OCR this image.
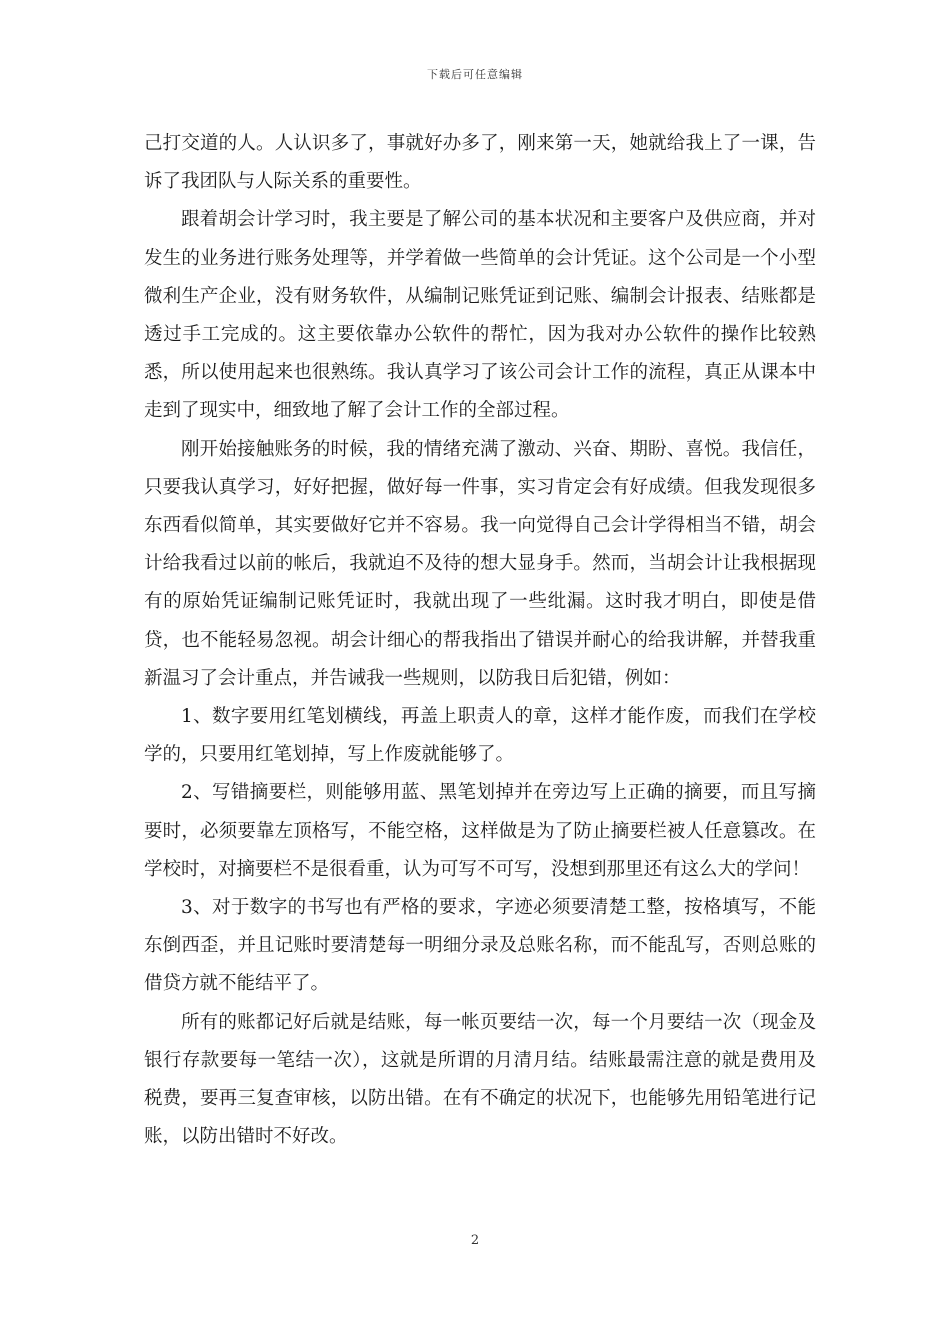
下载后可任意编辑

己打交道的人。人认识多了，事就好办多了，刚来第一天，她就给我上了一课，告诉了我团队与人际关系的重要性。

跟着胡会计学习时，我主要是了解公司的基本状况和主要客户及供应商，并对发生的业务进行账务处理等，并学着做一些简单的会计凭证。这个公司是一个小型微利生产企业，没有财务软件，从编制记账凭证到记账、编制会计报表、结账都是透过手工完成的。这主要依靠办公软件的帮忙，因为我对办公软件的操作比较熟悉，所以使用起来也很熟练。我认真学习了该公司会计工作的流程，真正从课本中走到了现实中，细致地了解了会计工作的全部过程。

刚开始接触账务的时候，我的情绪充满了激动、兴奋、期盼、喜悦。我信任，只要我认真学习，好好把握，做好每一件事，实习肯定会有好成绩。但我发现很多东西看似简单，其实要做好它并不容易。我一向觉得自己会计学得相当不错，胡会计给我看过以前的帐后，我就迫不及待的想大显身手。然而，当胡会计让我根据现有的原始凭证编制记账凭证时，我就出现了一些纰漏。这时我才明白，即使是借贷，也不能轻易忽视。胡会计细心的帮我指出了错误并耐心的给我讲解，并替我重新温习了会计重点，并告诫我一些规则，以防我日后犯错，例如：

1、数字要用红笔划横线，再盖上职责人的章，这样才能作废，而我们在学校学的，只要用红笔划掉，写上作废就能够了。

2、写错摘要栏，则能够用蓝、黑笔划掉并在旁边写上正确的摘要，而且写摘要时，必须要靠左顶格写，不能空格，这样做是为了防止摘要栏被人任意篡改。在学校时，对摘要栏不是很看重，认为可写不可写，没想到那里还有这么大的学问！

3、对于数字的书写也有严格的要求，字迹必须要清楚工整，按格填写，不能东倒西歪，并且记账时要清楚每一明细分录及总账名称，而不能乱写，否则总账的借贷方就不能结平了。

所有的账都记好后就是结账，每一帐页要结一次，每一个月要结一次（现金及银行存款要每一笔结一次），这就是所谓的月清月结。结账最需注意的就是费用及税费，要再三复查审核，以防出错。在有不确定的状况下，也能够先用铅笔进行记账，以防出错时不好改。

2
